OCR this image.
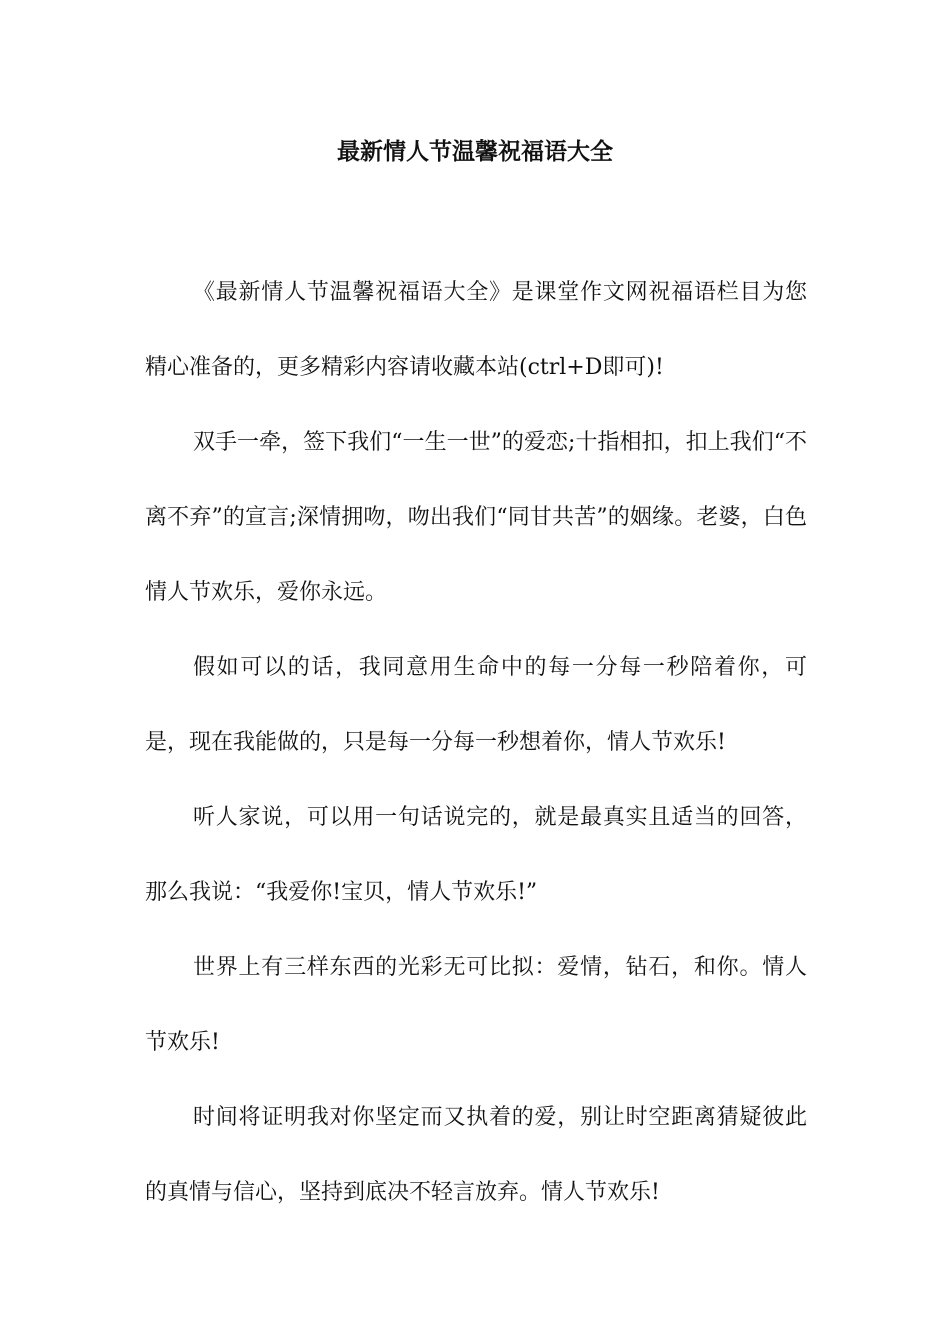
最新情人节温馨祝福语大全

《最新情人节温馨祝福语大全》是课堂作文网祝福语栏目为您精心准备的，更多精彩内容请收藏本站(ctrl+D即可)!

双手一牵，签下我们“一生一世”的爱恋;十指相扣，扣上我们“不离不弃”的宣言;深情拥吻，吻出我们“同甘共苦”的姻缘。老婆，白色情人节欢乐，爱你永远。

假如可以的话，我同意用生命中的每一分每一秒陪着你，可是，现在我能做的，只是每一分每一秒想着你，情人节欢乐!

听人家说，可以用一句话说完的，就是最真实且适当的回答，那么我说：“我爱你!宝贝，情人节欢乐!”

世界上有三样东西的光彩无可比拟：爱情，钻石，和你。情人节欢乐!

时间将证明我对你坚定而又执着的爱，别让时空距离猜疑彼此的真情与信心，坚持到底决不轻言放弃。情人节欢乐!
